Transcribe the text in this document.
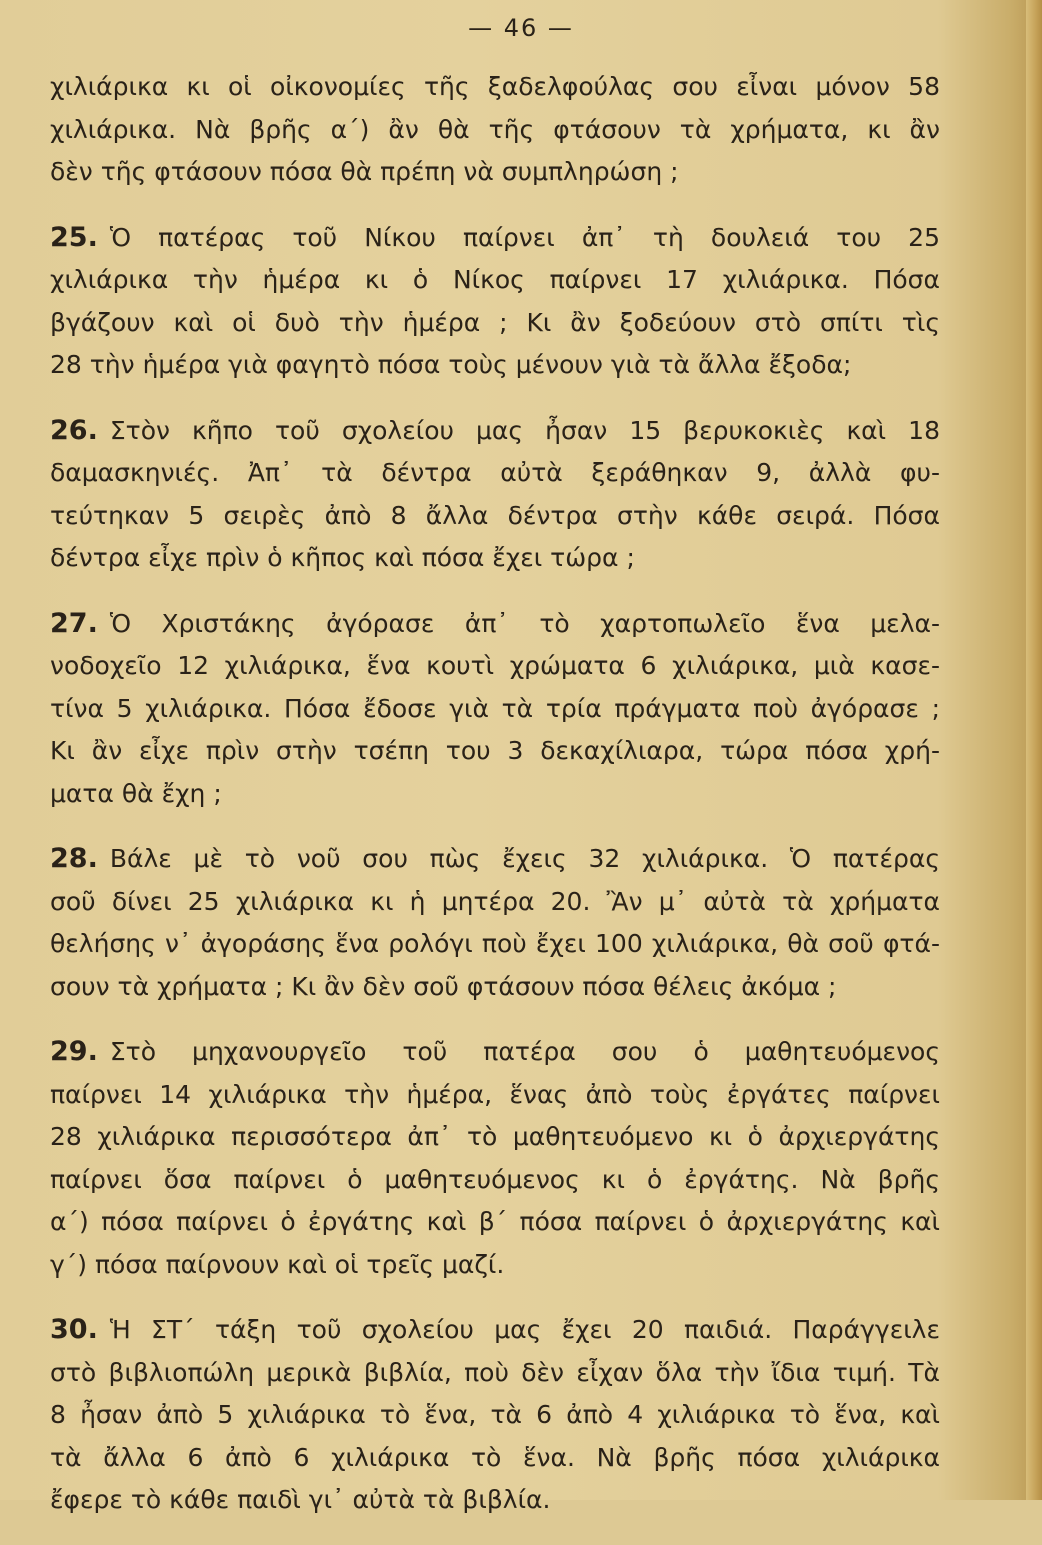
— 46 —
χιλιάρικα κι οἱ οἰκονομίες τῆς ξαδελφούλας σου εἶναι μόνον 58
χιλιάρικα. Νὰ βρῆς α΄) ἂν θὰ τῆς φτάσουν τὰ χρήματα, κι ἂν
δὲν τῆς φτάσουν πόσα θὰ πρέπη νὰ συμπληρώση ;
25. Ὁ πατέρας τοῦ Νίκου παίρνει ἀπ᾽ τὴ δουλειά του 25
χιλιάρικα τὴν ἡμέρα κι ὁ Νίκος παίρνει 17 χιλιάρικα. Πόσα
βγάζουν καὶ οἱ δυὸ τὴν ἡμέρα ; Κι ἂν ξοδεύουν στὸ σπίτι τὶς
28 τὴν ἡμέρα γιὰ φαγητὸ πόσα τοὺς μένουν γιὰ τὰ ἄλλα ἔξοδα;
26. Στὸν κῆπο τοῦ σχολείου μας ἦσαν 15 βερυκοκιὲς καὶ 18
δαμασκηνιές. Ἀπ᾽ τὰ δέντρα αὐτὰ ξεράθηκαν 9, ἀλλὰ φυ-
τεύτηκαν 5 σειρὲς ἀπὸ 8 ἄλλα δέντρα στὴν κάθε σειρά. Πόσα
δέντρα εἶχε πρὶν ὁ κῆπος καὶ πόσα ἔχει τώρα ;
27. Ὁ Χριστάκης ἀγόρασε ἀπ᾽ τὸ χαρτοπωλεῖο ἕνα μελα-
νοδοχεῖο 12 χιλιάρικα, ἕνα κουτὶ χρώματα 6 χιλιάρικα, μιὰ κασε-
τίνα 5 χιλιάρικα. Πόσα ἔδοσε γιὰ τὰ τρία πράγματα ποὺ ἀγόρασε ;
Κι ἂν εἶχε πρὶν στὴν τσέπη του 3 δεκαχίλιαρα, τώρα πόσα χρή-
ματα θὰ ἔχη ;
28. Βάλε μὲ τὸ νοῦ σου πὼς ἔχεις 32 χιλιάρικα. Ὁ πατέρας
σοῦ δίνει 25 χιλιάρικα κι ἡ μητέρα 20. Ἂν μ᾽ αὐτὰ τὰ χρήματα
θελήσης ν᾽ ἀγοράσης ἕνα ρολόγι ποὺ ἔχει 100 χιλιάρικα, θὰ σοῦ φτά-
σουν τὰ χρήματα ; Κι ἂν δὲν σοῦ φτάσουν πόσα θέλεις ἀκόμα ;
29. Στὸ μηχανουργεῖο τοῦ πατέρα σου ὁ μαθητευόμενος
παίρνει 14 χιλιάρικα τὴν ἡμέρα, ἕνας ἀπὸ τοὺς ἐργάτες παίρνει
28 χιλιάρικα περισσότερα ἀπ᾽ τὸ μαθητευόμενο κι ὁ ἀρχιεργάτης
παίρνει ὅσα παίρνει ὁ μαθητευόμενος κι ὁ ἐργάτης. Νὰ βρῆς
α΄) πόσα παίρνει ὁ ἐργάτης καὶ β΄ πόσα παίρνει ὁ ἀρχιεργάτης καὶ
γ΄) πόσα παίρνουν καὶ οἱ τρεῖς μαζί.
30. Ἡ ΣΤ΄ τάξη τοῦ σχολείου μας ἔχει 20 παιδιά. Παράγγειλε
στὸ βιβλιοπώλη μερικὰ βιβλία, ποὺ δὲν εἶχαν ὅλα τὴν ἴδια τιμή. Τὰ
8 ἦσαν ἀπὸ 5 χιλιάρικα τὸ ἕνα, τὰ 6 ἀπὸ 4 χιλιάρικα τὸ ἕνα, καὶ
τὰ ἄλλα 6 ἀπὸ 6 χιλιάρικα τὸ ἕνα. Νὰ βρῆς πόσα χιλιάρικα
ἔφερε τὸ κάθε παιδὶ γι᾽ αὐτὰ τὰ βιβλία.
